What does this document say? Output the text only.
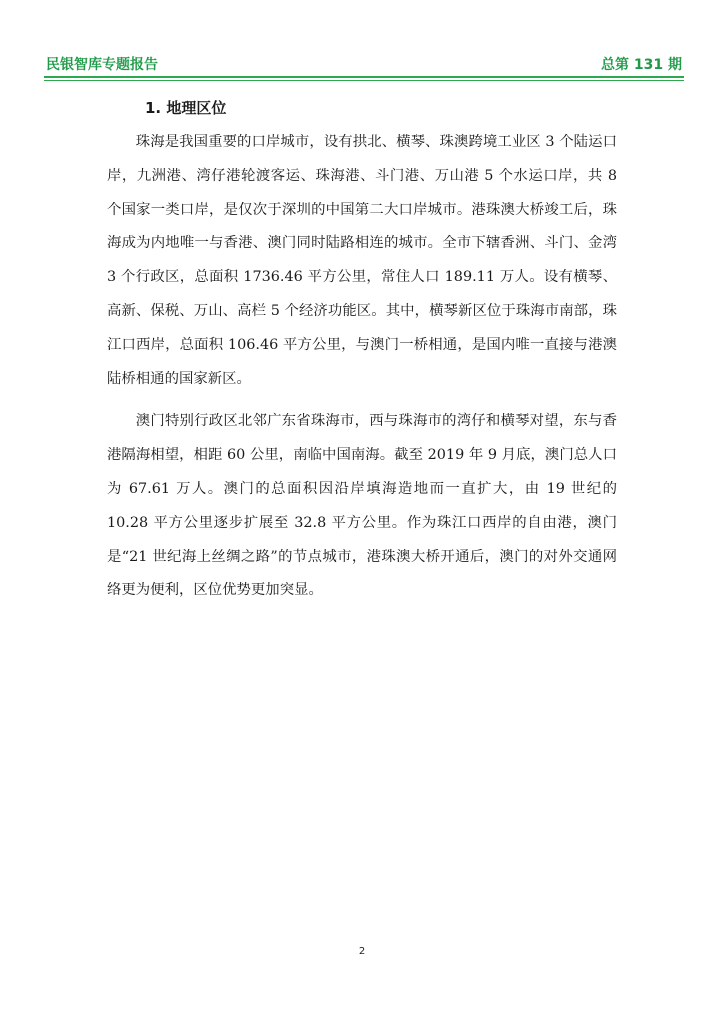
民银智库专题报告	总第 131 期
1. 地理区位

珠海是我国重要的口岸城市，设有拱北、横琴、珠澳跨境工业区 3 个陆运口岸，九洲港、湾仔港轮渡客运、珠海港、斗门港、万山港 5 个水运口岸，共 8 个国家一类口岸，是仅次于深圳的中国第二大口岸城市。港珠澳大桥竣工后，珠海成为内地唯一与香港、澳门同时陆路相连的城市。全市下辖香洲、斗门、金湾 3 个行政区，总面积 1736.46 平方公里，常住人口 189.11 万人。设有横琴、高新、保税、万山、高栏 5 个经济功能区。其中，横琴新区位于珠海市南部，珠江口西岸，总面积 106.46 平方公里，与澳门一桥相通，是国内唯一直接与港澳陆桥相通的国家新区。

澳门特别行政区北邻广东省珠海市，西与珠海市的湾仔和横琴对望，东与香港隔海相望，相距 60 公里，南临中国南海。截至 2019 年 9 月底，澳门总人口为 67.61 万人。澳门的总面积因沿岸填海造地而一直扩大，由 19 世纪的 10.28 平方公里逐步扩展至 32.8 平方公里。作为珠江口西岸的自由港，澳门是“21 世纪海上丝绸之路”的节点城市，港珠澳大桥开通后，澳门的对外交通网络更为便利，区位优势更加突显。

2
